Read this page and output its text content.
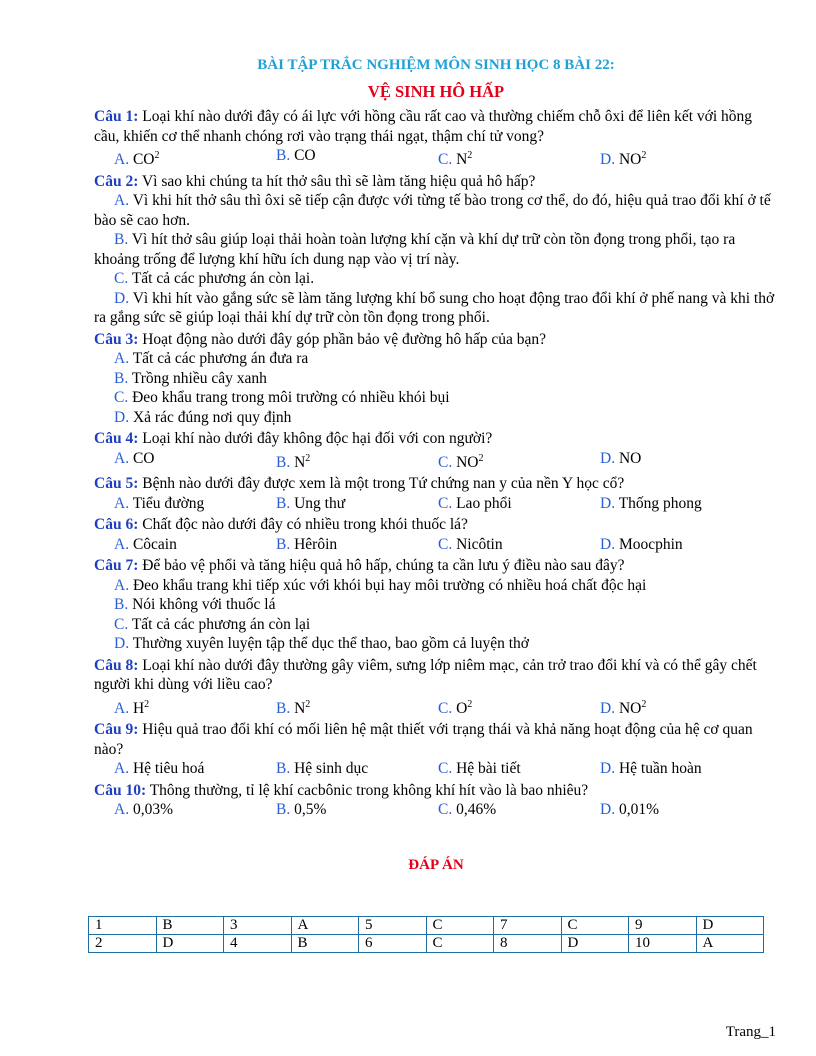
BÀI TẬP TRẮC NGHIỆM MÔN SINH HỌC 8 BÀI 22:
VỆ SINH HÔ HẤP

Câu 1: Loại khí nào dưới đây có ái lực với hồng cầu rất cao và thường chiếm chỗ ôxi để liên kết với hồng cầu, khiến cơ thể nhanh chóng rơi vào trạng thái ngạt, thậm chí tử vong?

A. $CO^2$	B. CO	C. $N^2$	D. $NO^2$

Câu 2: Vì sao khi chúng ta hít thở sâu thì sẽ làm tăng hiệu quả hô hấp?

A. Vì khi hít thở sâu thì ôxi sẽ tiếp cận được với từng tế bào trong cơ thể, do đó, hiệu quả trao đổi khí ở tế bào sẽ cao hơn.

B. Vì hít thở sâu giúp loại thải hoàn toàn lượng khí cặn và khí dự trữ còn tồn đọng trong phổi, tạo ra khoảng trống để lượng khí hữu ích dung nạp vào vị trí này.

C. Tất cả các phương án còn lại.

D. Vì khi hít vào gắng sức sẽ làm tăng lượng khí bổ sung cho hoạt động trao đổi khí ở phế nang và khi thở ra gắng sức sẽ giúp loại thải khí dự trữ còn tồn đọng trong phổi.

Câu 3: Hoạt động nào dưới đây góp phần bảo vệ đường hô hấp của bạn?

A. Tất cả các phương án đưa ra

B. Trồng nhiều cây xanh

C. Đeo khẩu trang trong môi trường có nhiều khói bụi

D. Xả rác đúng nơi quy định

Câu 4: Loại khí nào dưới đây không độc hại đối với con người?

A. CO	B. $N^2$	C. $NO^2$	D. NO

Câu 5: Bệnh nào dưới đây được xem là một trong Tứ chứng nan y của nền Y học cổ?

A. Tiểu đường	B. Ung thư	C. Lao phổi	D. Thống phong

Câu 6: Chất độc nào dưới đây có nhiều trong khói thuốc lá?

A. Côcain	B. Hêrôin	C. Nicôtin	D. Moocphin

Câu 7: Để bảo vệ phổi và tăng hiệu quả hô hấp, chúng ta cần lưu ý điều nào sau đây?

A. Đeo khẩu trang khi tiếp xúc với khói bụi hay môi trường có nhiều hoá chất độc hại

B. Nói không với thuốc lá

C. Tất cả các phương án còn lại

D. Thường xuyên luyện tập thể dục thể thao, bao gồm cả luyện thở

Câu 8: Loại khí nào dưới đây thường gây viêm, sưng lớp niêm mạc, cản trở trao đổi khí và có thể gây chết người khi dùng với liều cao?

A. $H^2$	B. $N^2$	C. $O^2$	D. $NO^2$

Câu 9: Hiệu quả trao đổi khí có mối liên hệ mật thiết với trạng thái và khả năng hoạt động của hệ cơ quan nào?

A. Hệ tiêu hoá	B. Hệ sinh dục	C. Hệ bài tiết	D. Hệ tuần hoàn

Câu 10: Thông thường, tỉ lệ khí cacbônic trong không khí hít vào là bao nhiêu?

A. 0,03%	B. 0,5%	C. 0,46%	D. 0,01%
ĐÁP ÁN
1	B	3	A	5	C	7	C	9	D
2	D	4	B	6	C	8	D	10	A
Trang_1
